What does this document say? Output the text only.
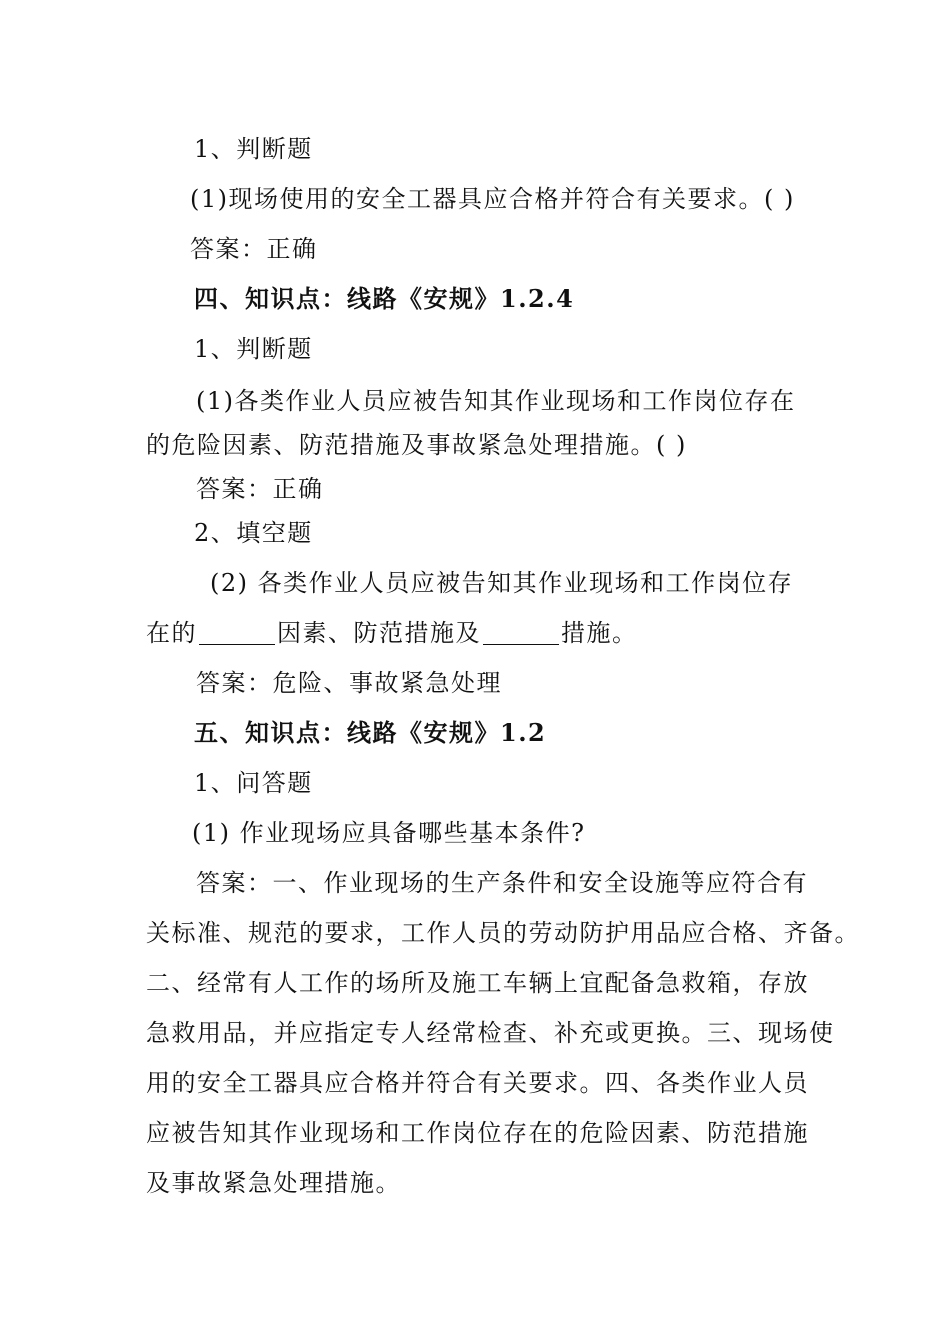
1、判断题
(1)现场使用的安全工器具应合格并符合有关要求。( )
答案：正确
四、知识点：线路《安规》1.2.4
1、判断题
(1)各类作业人员应被告知其作业现场和工作岗位存在
的危险因素、防范措施及事故紧急处理措施。( )
答案：正确
2、填空题
(2) 各类作业人员应被告知其作业现场和工作岗位存
在的	因素、防范措施及	措施。
答案：危险、事故紧急处理
五、知识点：线路《安规》1.2
1、问答题
(1) 作业现场应具备哪些基本条件?
答案：一、作业现场的生产条件和安全设施等应符合有
关标准、规范的要求，工作人员的劳动防护用品应合格、齐备。
二、经常有人工作的场所及施工车辆上宜配备急救箱，存放
急救用品，并应指定专人经常检查、补充或更换。三、现场使
用的安全工器具应合格并符合有关要求。四、各类作业人员
应被告知其作业现场和工作岗位存在的危险因素、防范措施
及事故紧急处理措施。
